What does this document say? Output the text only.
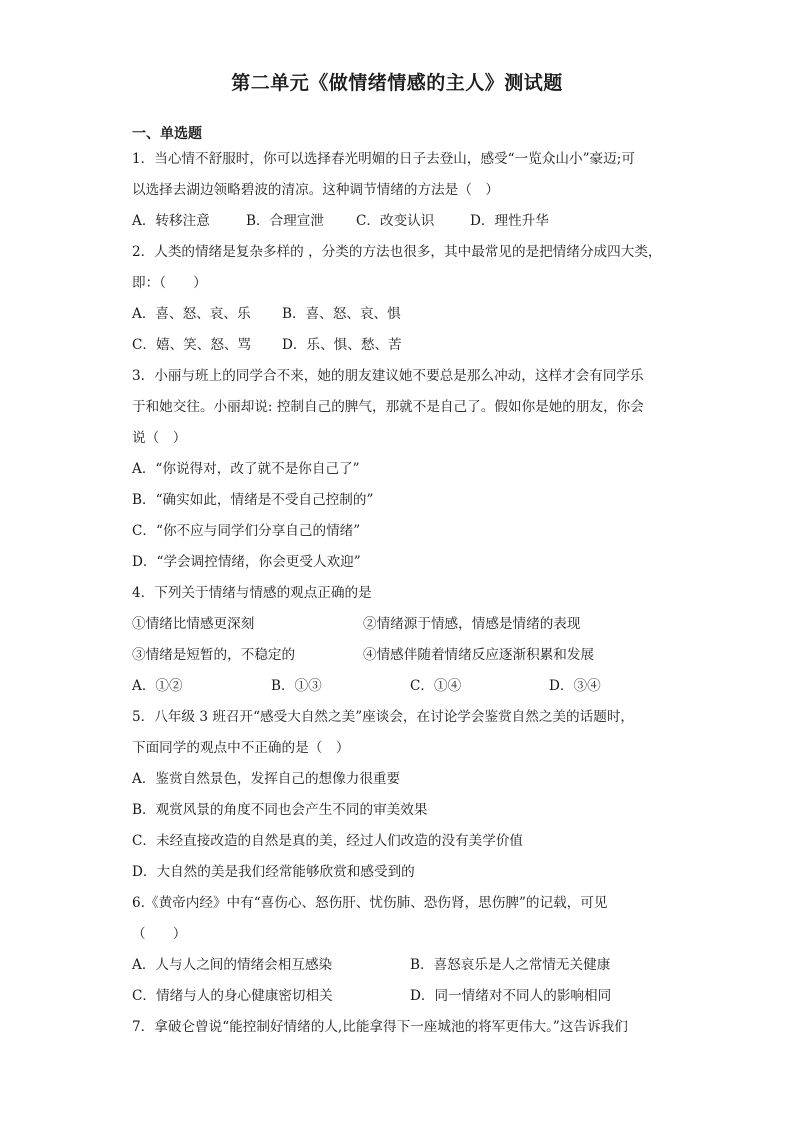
第二单元《做情绪情感的主人》测试题
一、单选题

1．当心情不舒服时，你可以选择春光明媚的日子去登山，感受“一览众山小”豪迈;可

以选择去湖边领略碧波的清凉。这种调节情绪的方法是（　）

A．转移注意	B．合理宣泄	C．改变认识	D．理性升华

2．人类的情绪是复杂多样的 ，分类的方法也很多，其中最常见的是把情绪分成四大类，

即：（　　）

A．喜、怒、哀、乐	B．喜、怒、哀、惧
C．嬉、笑、怒、骂	D．乐、惧、愁、苦

3．小丽与班上的同学合不来，她的朋友建议她不要总是那么冲动，这样才会有同学乐

于和她交往。小丽却说: 控制自己的脾气，那就不是自己了。假如你是她的朋友，你会

说（　）

A．“你说得对，改了就不是你自己了”

B．“确实如此，情绪是不受自己控制的”

C．“你不应与同学们分享自己的情绪”

D．“学会调控情绪，你会更受人欢迎”

4．下列关于情绪与情感的观点正确的是

①情绪比情感更深刻	②情绪源于情感，情感是情绪的表现
③情绪是短暂的，不稳定的	④情感伴随着情绪反应逐渐积累和发展
A．①②	B．①③	C．①④	D．③④

5．八年级 3 班召开“感受大自然之美”座谈会，在讨论学会鉴赏自然之美的话题时，

下面同学的观点中不正确的是（　）

A．鉴赏自然景色，发挥自己的想像力很重要

B．观赏风景的角度不同也会产生不同的审美效果

C．未经直接改造的自然是真的美，经过人们改造的没有美学价值

D．大自然的美是我们经常能够欣赏和感受到的

6.《黄帝内经》中有“喜伤心、怒伤肝、忧伤肺、恐伤肾，思伤脾”的记载，可见

（　　）

A．人与人之间的情绪会相互感染	B．喜怒哀乐是人之常情无关健康
C．情绪与人的身心健康密切相关	D．同一情绪对不同人的影响相同

7．拿破仑曾说“能控制好情绪的人,比能拿得下一座城池的将军更伟大。”这告诉我们
